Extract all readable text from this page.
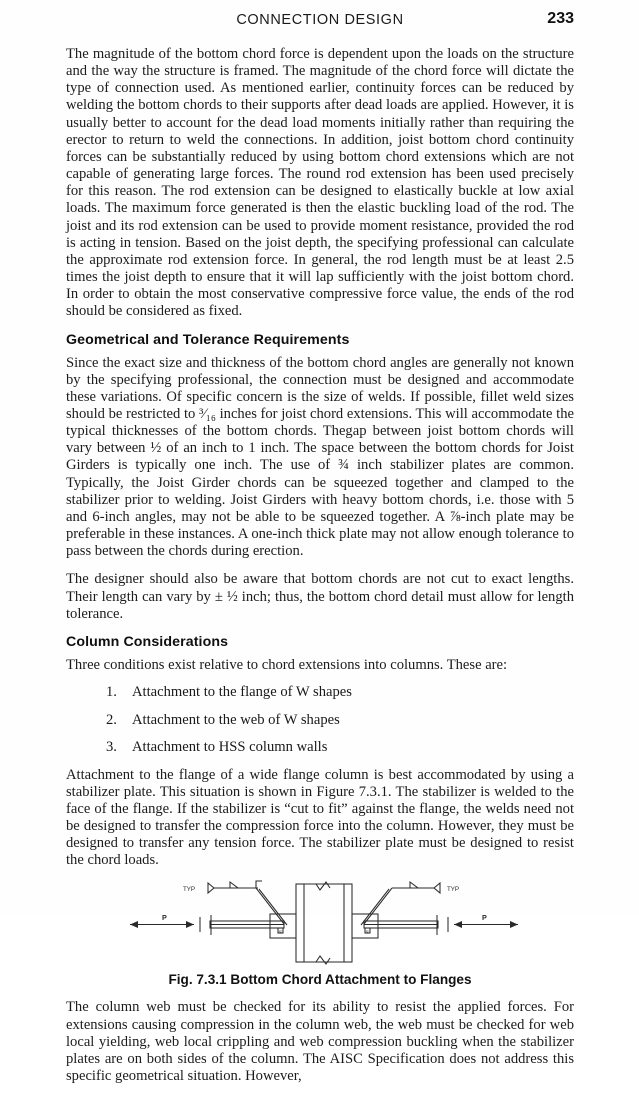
CONNECTION DESIGN	233

The magnitude of the bottom chord force is dependent upon the loads on the structure and the way the structure is framed. The magnitude of the chord force will dictate the type of connection used. As mentioned earlier, continuity forces can be reduced by welding the bottom chords to their supports after dead loads are applied. However, it is usually better to account for the dead load moments initially rather than requiring the erector to return to weld the connections. In addition, joist bottom chord continuity forces can be substantially reduced by using bottom chord extensions which are not capable of generating large forces. The round rod extension has been used precisely for this reason. The rod extension can be designed to elastically buckle at low axial loads. The maximum force generated is then the elastic buckling load of the rod. The joist and its rod extension can be used to provide moment resistance, provided the rod is acting in tension. Based on the joist depth, the specifying professional can calculate the approximate rod extension force. In general, the rod length must be at least 2.5 times the joist depth to ensure that it will lap sufficiently with the joist bottom chord. In order to obtain the most conservative compressive force value, the ends of the rod should be considered as fixed.

Geometrical and Tolerance Requirements

Since the exact size and thickness of the bottom chord angles are generally not known by the specifying professional, the connection must be designed and accommodate these variations. Of specific concern is the size of welds. If possible, fillet weld sizes should be restricted to ³⁄₁₆ inches for joist chord extensions. This will accommodate the typical thicknesses of the bottom chords. Thegap between joist bottom chords will vary between ½ of an inch to 1 inch. The space between the bottom chords for Joist Girders is typically one inch. The use of ¾ inch stabilizer plates are common. Typically, the Joist Girder chords can be squeezed together and clamped to the stabilizer prior to welding. Joist Girders with heavy bottom chords, i.e. those with 5 and 6-inch angles, may not be able to be squeezed together. A ⅞-inch plate may be preferable in these instances. A one-inch thick plate may not allow enough tolerance to pass between the chords during erection.

The designer should also be aware that bottom chords are not cut to exact lengths. Their length can vary by ± ½ inch; thus, the bottom chord detail must allow for length tolerance.

Column Considerations

Three conditions exist relative to chord extensions into columns. These are:

1.	Attachment to the flange of W shapes
2.	Attachment to the web of W shapes
3.	Attachment to HSS column walls

Attachment to the flange of a wide flange column is best accommodated by using a stabilizer plate. This situation is shown in Figure 7.3.1. The stabilizer is welded to the face of the flange. If the stabilizer is “cut to fit” against the flange, the welds need not be designed to transfer the compression force into the column. However, they must be designed to transfer any tension force. The stabilizer plate must be designed to resist the chord loads.

TYP	TYP
P	P
e	e
Fig. 7.3.1 Bottom Chord Attachment to Flanges

The column web must be checked for its ability to resist the applied forces. For extensions causing compression in the column web, the web must be checked for web local yielding, web local crippling and web compression buckling when the stabilizer plates are on both sides of the column. The AISC Specification does not address this specific geometrical situation. However,
